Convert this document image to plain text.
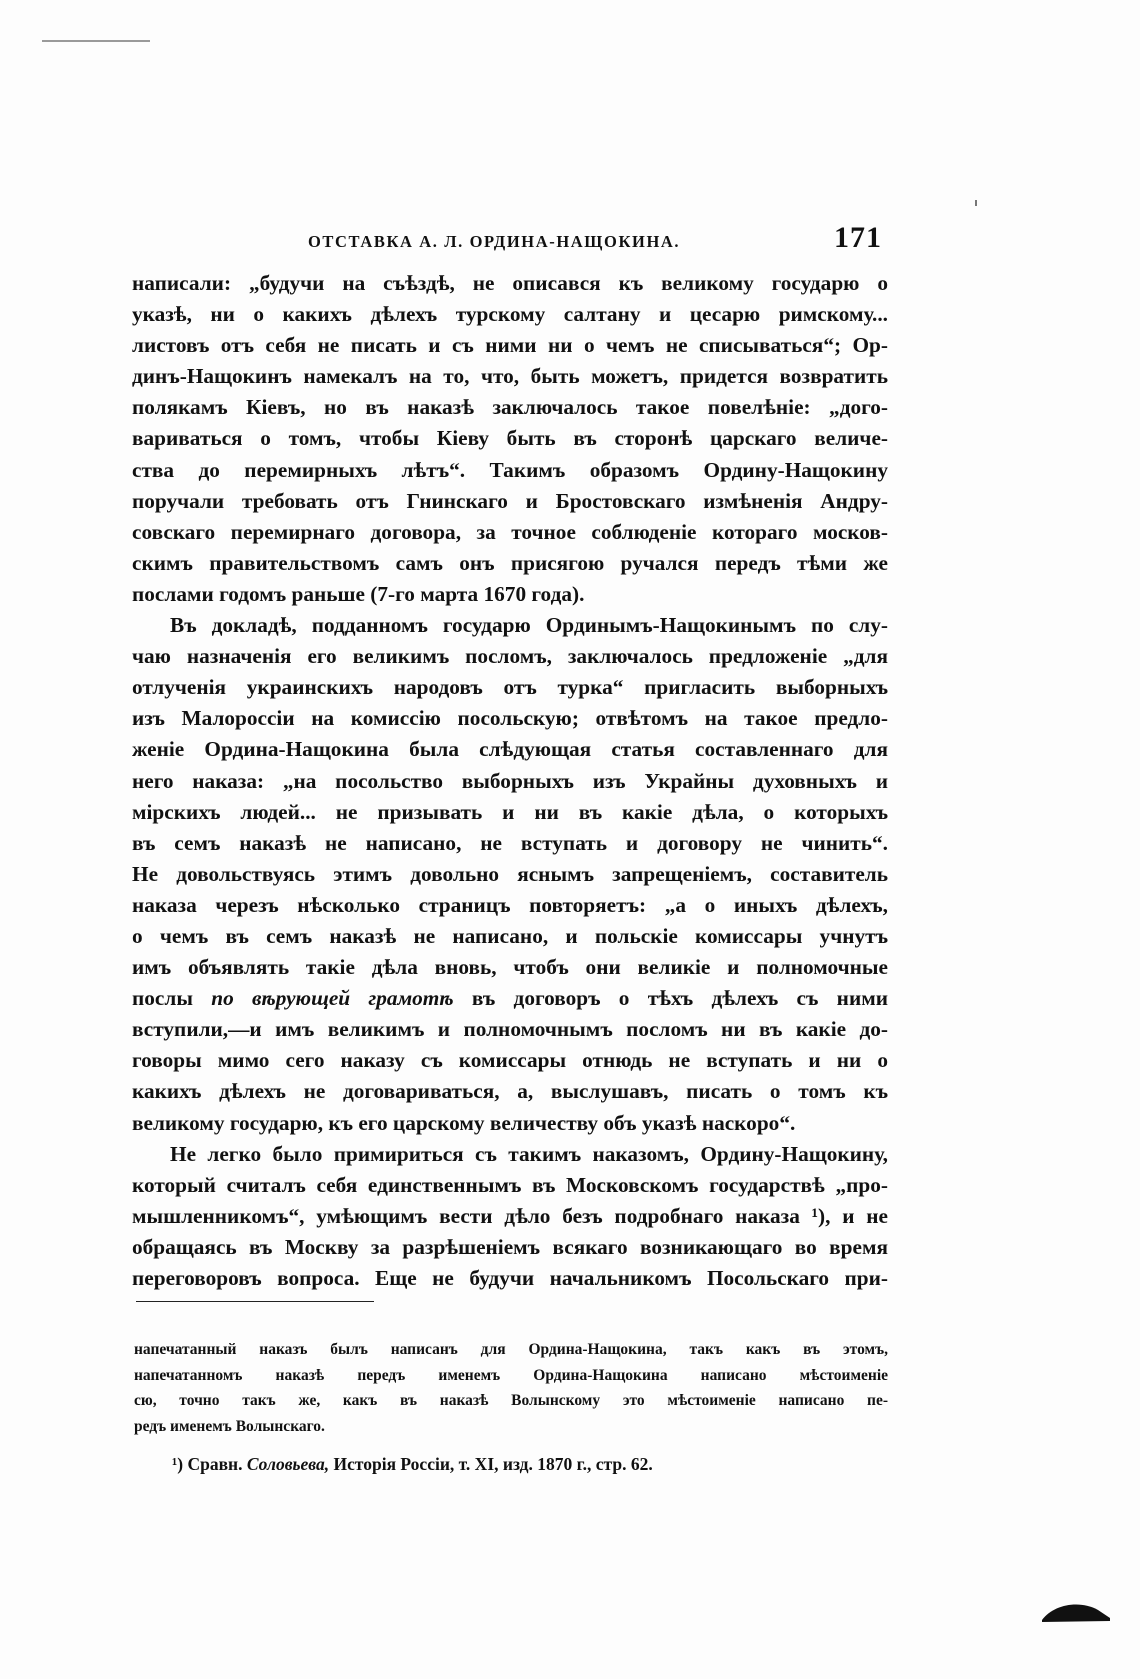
ОТСТАВКА А. Л. ОРДИНА-НАЩОКИНА.	171
написали: „будучи на съѣздѣ, не описався къ великому государю о
указѣ, ни о какихъ дѣлехъ турскому салтану и цесарю римскому...
листовъ отъ себя не писать и съ ними ни о чемъ не списываться“; Ор-
динъ-Нащокинъ намекалъ на то, что, быть можетъ, придется возвратить
полякамъ Кіевъ, но въ наказѣ заключалось такое повелѣніе: „дого-
вариваться о томъ, чтобы Кіеву быть въ сторонѣ царскаго величе-
ства до перемирныхъ лѣтъ“. Такимъ образомъ Ордину-Нащокину
поручали требовать отъ Гнинскаго и Бростовскаго измѣненія Андру-
совскаго перемирнаго договора, за точное соблюденіе котораго москов-
скимъ правительствомъ самъ онъ присягою ручался передъ тѣми же
послами годомъ раньше (7-го марта 1670 года).
Въ докладѣ, подданномъ государю Ординымъ-Нащокинымъ по слу-
чаю назначенія его великимъ посломъ, заключалось предложеніе „для
отлученія украинскихъ народовъ отъ турка“ пригласить выборныхъ
изъ Малороссіи на комиссію посольскую; отвѣтомъ на такое предло-
женіе Ордина-Нащокина была слѣдующая статья составленнаго для
него наказа: „на посольство выборныхъ изъ Украйны духовныхъ и
мірскихъ людей... не призывать и ни въ какіе дѣла, о которыхъ
въ семъ наказѣ не написано, не вступать и договору не чинить“.
Не довольствуясь этимъ довольно яснымъ запрещеніемъ, составитель
наказа черезъ нѣсколько страницъ повторяетъ: „а о иныхъ дѣлехъ,
о чемъ въ семъ наказѣ не написано, и польскіе комиссары учнутъ
имъ объявлять такіе дѣла вновь, чтобъ они великіе и полномочные
послы по вѣрующей грамотѣ въ договоръ о тѣхъ дѣлехъ съ ними
вступили,—и имъ великимъ и полномочнымъ посломъ ни въ какіе до-
говоры мимо сего наказу съ комиссары отнюдь не вступать и ни о
какихъ дѣлехъ не договариваться, а, выслушавъ, писать о томъ къ
великому государю, къ его царскому величеству объ указѣ наскоро“.
Не легко было примириться съ такимъ наказомъ, Ордину-Нащокину,
который считалъ себя единственнымъ въ Московскомъ государствѣ „про-
мышленникомъ“, умѣющимъ вести дѣло безъ подробнаго наказа ¹), и не
обращаясь въ Москву за разрѣшеніемъ всякаго возникающаго во время
переговоровъ вопроса. Еще не будучи начальникомъ Посольскаго при-
напечатанный наказъ былъ написанъ для Ордина-Нащокина, такъ какъ въ этомъ,
напечатанномъ наказѣ передъ именемъ Ордина-Нащокина написано мѣстоименіе
сю, точно такъ же, какъ въ наказѣ Волынскому это мѣстоименіе написано пе-
редъ именемъ Волынскаго.
¹) Сравн. Соловьева, Исторія Россіи, т. XI, изд. 1870 г., стр. 62.
